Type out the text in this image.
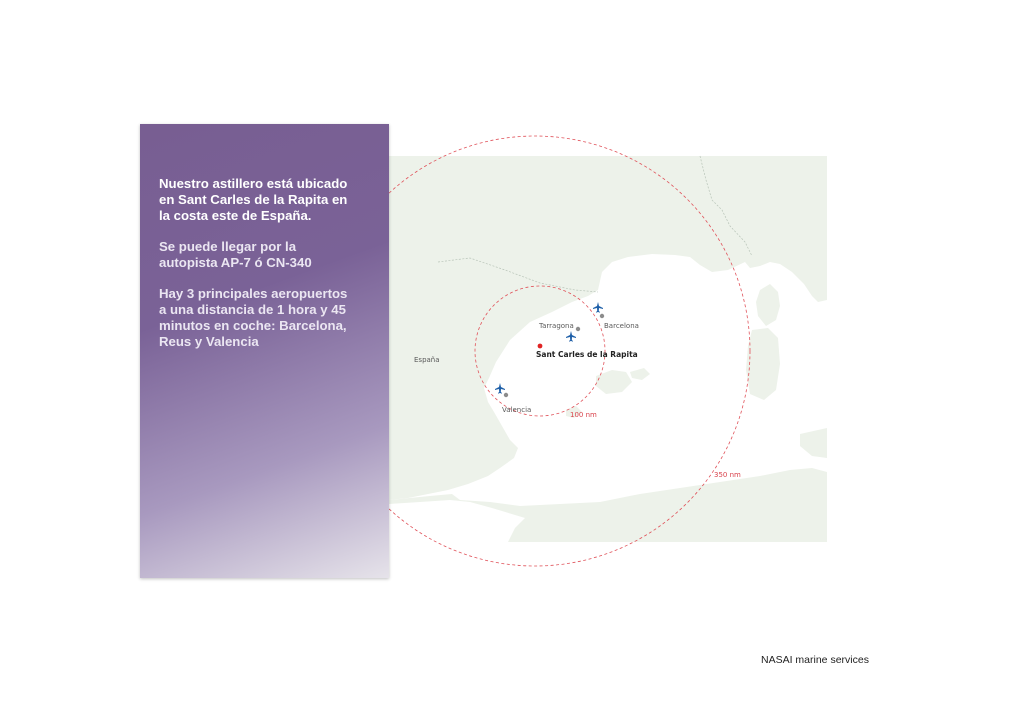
España
Tarragona	Barcelona
Valencia
Sant Carles de la Rapita
100 nm
350 nm

Nuestro astillero está ubicado en Sant Carles de la Rapita en la costa este de España.

Se puede llegar por la autopista AP-7 ó CN-340

Hay 3 principales aeropuertos a una distancia de 1 hora y 45 minutos en coche: Barcelona, Reus y Valencia

NASAI marine services
